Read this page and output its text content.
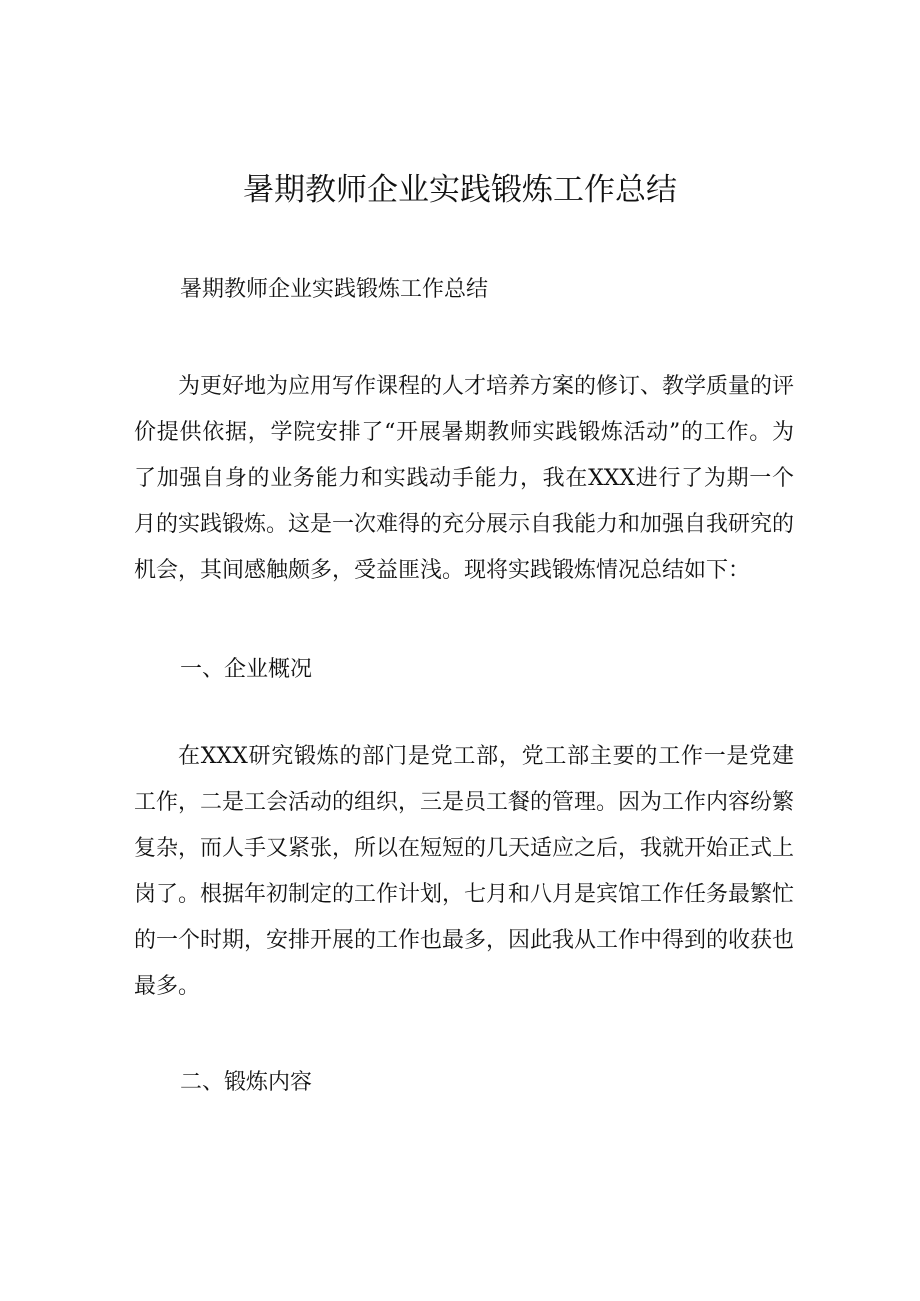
暑期教师企业实践锻炼工作总结

暑期教师企业实践锻炼工作总结

为更好地为应用写作课程的人才培养方案的修订、教学质量的评价提供依据，学院安排了“开展暑期教师实践锻炼活动”的工作。为了加强自身的业务能力和实践动手能力，我在XXX进行了为期一个月的实践锻炼。这是一次难得的充分展示自我能力和加强自我研究的机会，其间感触颇多，受益匪浅。现将实践锻炼情况总结如下：

一、企业概况

在XXX研究锻炼的部门是党工部，党工部主要的工作一是党建工作，二是工会活动的组织，三是员工餐的管理。因为工作内容纷繁复杂，而人手又紧张，所以在短短的几天适应之后，我就开始正式上岗了。根据年初制定的工作计划，七月和八月是宾馆工作任务最繁忙的一个时期，安排开展的工作也最多，因此我从工作中得到的收获也最多。

二、锻炼内容
